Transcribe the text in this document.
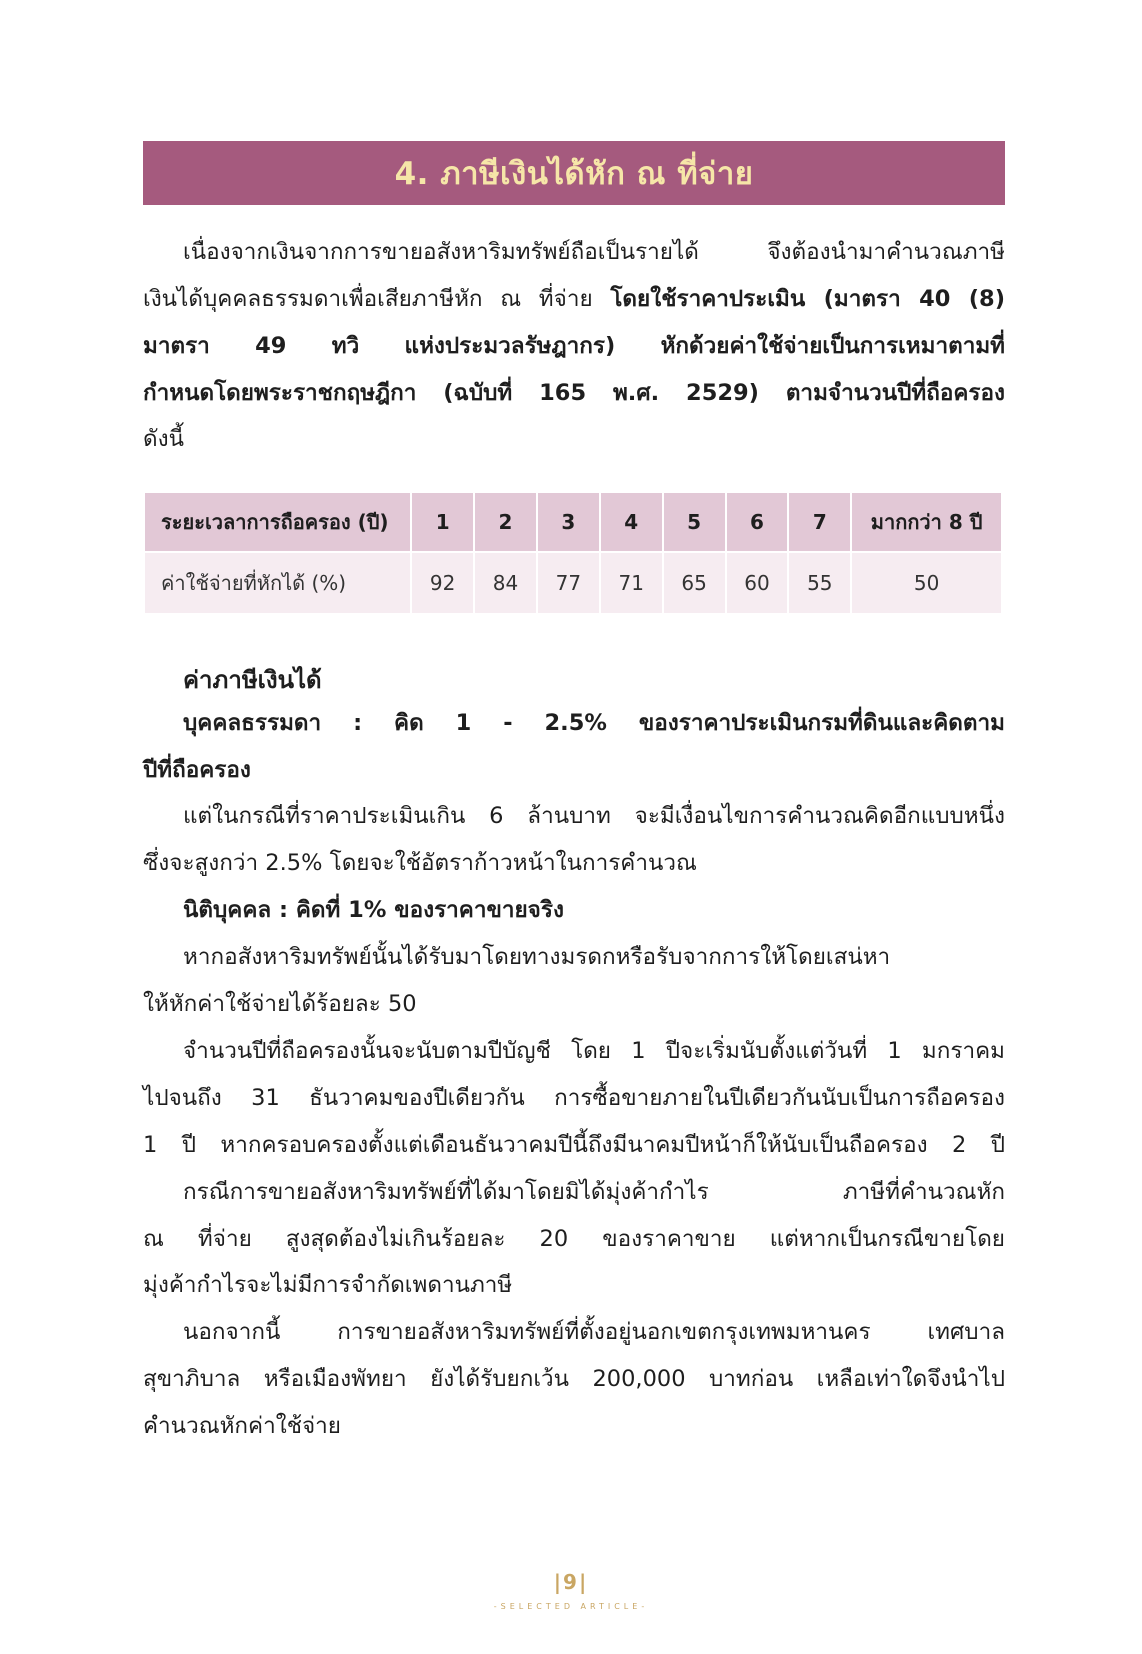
4. ภาษีเงินได้หัก ณ ที่จ่าย

เนื่องจากเงินจากการขายอสังหาริมทรัพย์ถือเป็นรายได้ จึงต้องนำมาคำนวณภาษี

เงินได้บุคคลธรรมดาเพื่อเสียภาษีหัก ณ ที่จ่าย โดยใช้ราคาประเมิน (มาตรา 40 (8)

มาตรา 49 ทวิ แห่งประมวลรัษฎากร) หักด้วยค่าใช้จ่ายเป็นการเหมาตามที่

กำหนดโดยพระราชกฤษฎีกา (ฉบับที่ 165 พ.ศ. 2529) ตามจำนวนปีที่ถือครอง

ดังนี้

ระยะเวลาการถือครอง (ปี)	1	2	3	4	5	6	7	มากกว่า 8 ปี
ค่าใช้จ่ายที่หักได้ (%)	92	84	77	71	65	60	55	50

ค่าภาษีเงินได้

บุคคลธรรมดา : คิด 1 - 2.5% ของราคาประเมินกรมที่ดินและคิดตาม

ปีที่ถือครอง

แต่ในกรณีที่ราคาประเมินเกิน 6 ล้านบาท จะมีเงื่อนไขการคำนวณคิดอีกแบบหนึ่ง

ซึ่งจะสูงกว่า 2.5% โดยจะใช้อัตราก้าวหน้าในการคำนวณ

นิติบุคคล : คิดที่ 1% ของราคาขายจริง

หากอสังหาริมทรัพย์นั้นได้รับมาโดยทางมรดกหรือรับจากการให้โดยเสน่หา

ให้หักค่าใช้จ่ายได้ร้อยละ 50

จำนวนปีที่ถือครองนั้นจะนับตามปีบัญชี โดย 1 ปีจะเริ่มนับตั้งแต่วันที่ 1 มกราคม

ไปจนถึง 31 ธันวาคมของปีเดียวกัน การซื้อขายภายในปีเดียวกันนับเป็นการถือครอง

1 ปี หากครอบครองตั้งแต่เดือนธันวาคมปีนี้ถึงมีนาคมปีหน้าก็ให้นับเป็นถือครอง 2 ปี

กรณีการขายอสังหาริมทรัพย์ที่ได้มาโดยมิได้มุ่งค้ากำไร ภาษีที่คำนวณหัก

ณ ที่จ่าย สูงสุดต้องไม่เกินร้อยละ 20 ของราคาขาย แต่หากเป็นกรณีขายโดย

มุ่งค้ากำไรจะไม่มีการจำกัดเพดานภาษี

นอกจากนี้ การขายอสังหาริมทรัพย์ที่ตั้งอยู่นอกเขตกรุงเทพมหานคร เทศบาล

สุขาภิบาล หรือเมืองพัทยา ยังได้รับยกเว้น 200,000 บาทก่อน เหลือเท่าใดจึงนำไป

คำนวณหักค่าใช้จ่าย

|9|
-SELECTED ARTICLE-
